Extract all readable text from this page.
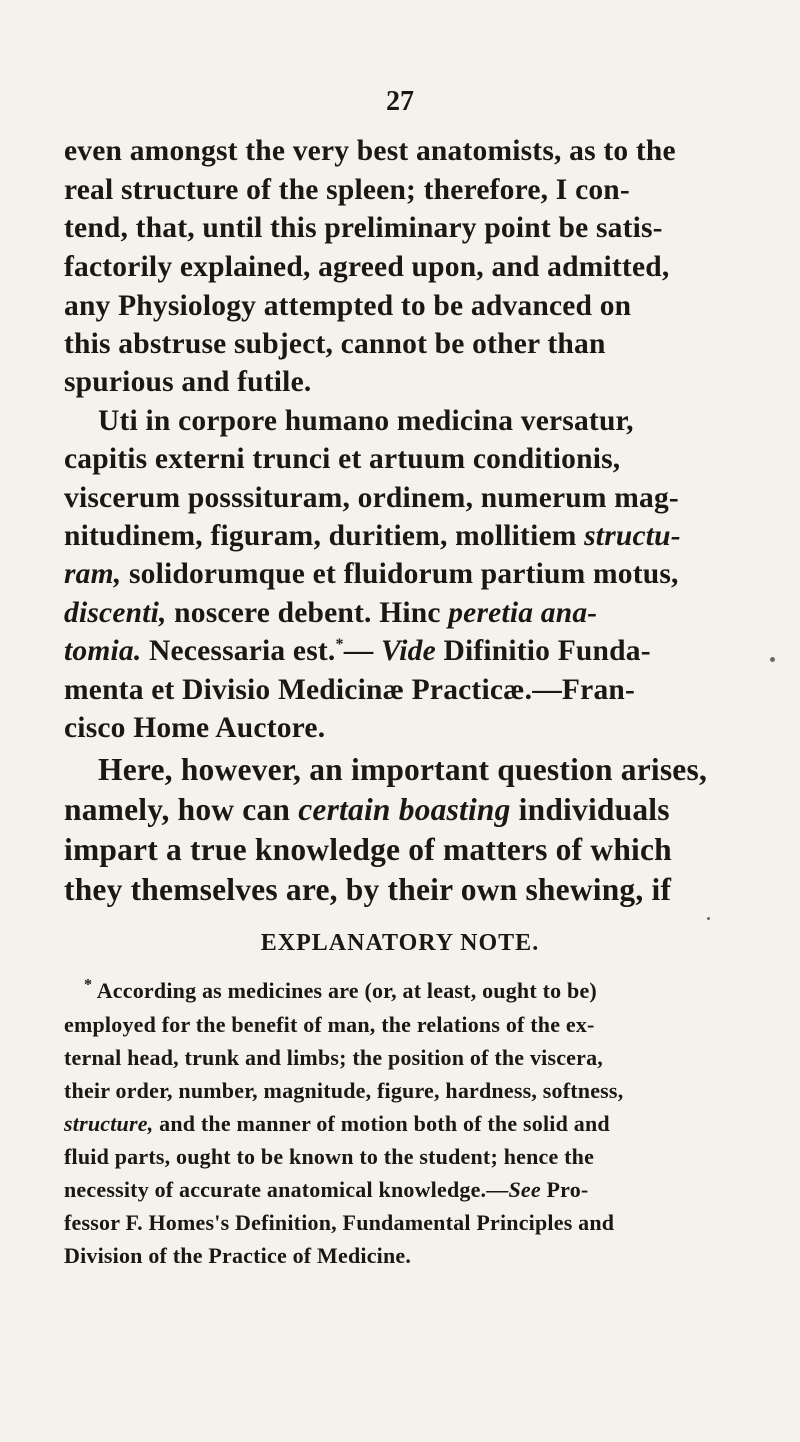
27
even amongst the very best anatomists, as to the
real structure of the spleen; therefore, I con-
tend, that, until this preliminary point be satis-
factorily explained, agreed upon, and admitted,
any Physiology attempted to be advanced on
this abstruse subject, cannot be other than
spurious and futile.
Uti in corpore humano medicina versatur,
capitis externi trunci et artuum conditionis,
viscerum posssituram, ordinem, numerum mag-
nitudinem, figuram, duritiem, mollitiem structu-
ram, solidorumque et fluidorum partium motus,
discenti, noscere debent. Hinc peretia ana-
tomia. Necessaria est.*— Vide Difinitio Funda-
menta et Divisio Medicinæ Practicæ.—Fran-
cisco Home Auctore.
Here, however, an important question arises,
namely, how can certain boasting individuals
impart a true knowledge of matters of which
they themselves are, by their own shewing, if
EXPLANATORY NOTE.
* According as medicines are (or, at least, ought to be)
employed for the benefit of man, the relations of the ex-
ternal head, trunk and limbs; the position of the viscera,
their order, number, magnitude, figure, hardness, softness,
structure, and the manner of motion both of the solid and
fluid parts, ought to be known to the student; hence the
necessity of accurate anatomical knowledge.—See Pro-
fessor F. Homes's Definition, Fundamental Principles and
Division of the Practice of Medicine.
